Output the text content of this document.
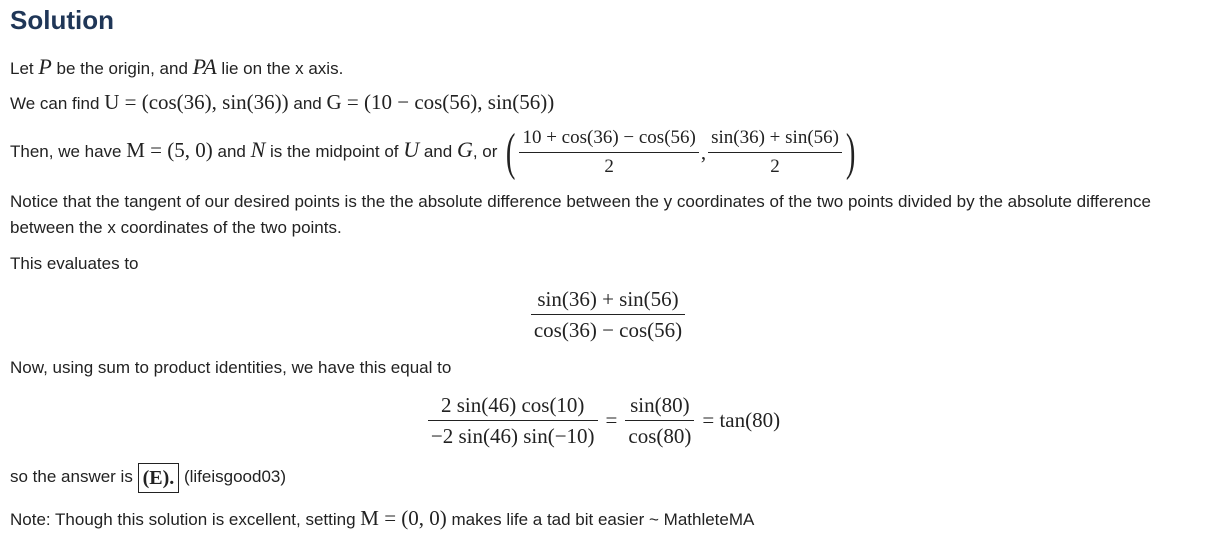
Solution
Let P be the origin, and PA lie on the x axis.
We can find U = (cos(36), sin(36)) and G = (10 − cos(56), sin(56))
Then, we have M = (5, 0) and N is the midpoint of U and G, or ( $\frac{10 + \cos(36) - \cos(56)}{2}$ , $\frac{\sin(36) + \sin(56)}{2}$ )
Notice that the tangent of our desired points is the the absolute difference between the y coordinates of the two points divided by the absolute difference between the x coordinates of the two points.
This evaluates to
$\frac{\sin(36) + \sin(56)}{\cos(36) - \cos(56)}$
Now, using sum to product identities, we have this equal to
$\frac{2 \sin(46) \cos(10)}{-2 \sin(46) \sin(-10)} = \frac{\sin(80)}{\cos(80)} = \tan(80)$
so the answer is (E). (lifeisgood03)
Note: Though this solution is excellent, setting M = (0, 0) makes life a tad bit easier ~ MathleteMA
